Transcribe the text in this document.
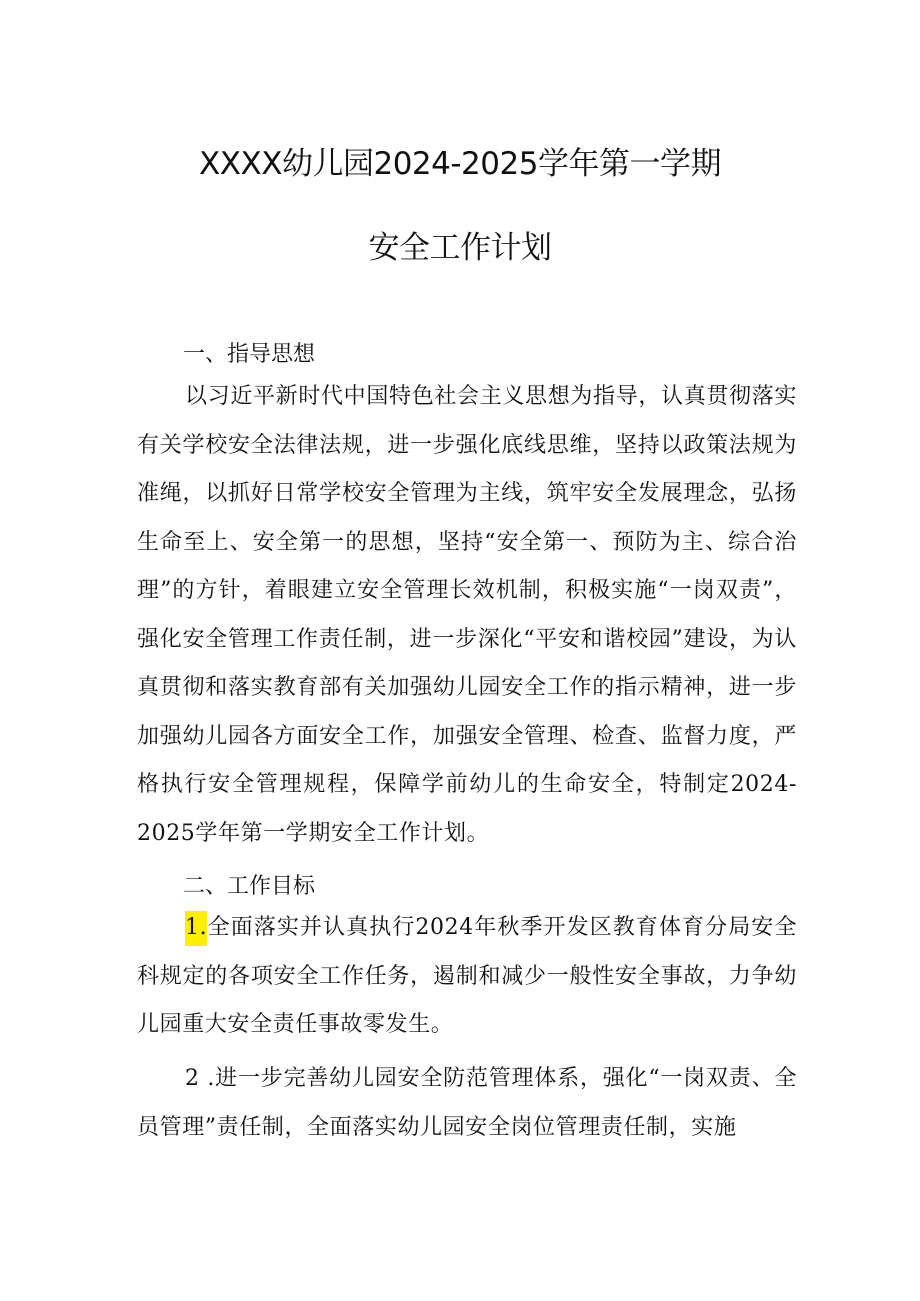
XXXX幼儿园2024-2025学年第一学期
安全工作计划
一、指导思想

以习近平新时代中国特色社会主义思想为指导，认真贯彻落实有关学校安全法律法规，进一步强化底线思维，坚持以政策法规为准绳，以抓好日常学校安全管理为主线，筑牢安全发展理念，弘扬生命至上、安全第一的思想，坚持“安全第一、预防为主、综合治理”的方针，着眼建立安全管理长效机制，积极实施“一岗双责”，强化安全管理工作责任制，进一步深化“平安和谐校园”建设，为认真贯彻和落实教育部有关加强幼儿园安全工作的指示精神，进一步加强幼儿园各方面安全工作，加强安全管理、检查、监督力度，严格执行安全管理规程，保障学前幼儿的生命安全，特制定2024-2025学年第一学期安全工作计划。

二、工作目标

1.全面落实并认真执行2024年秋季开发区教育体育分局安全科规定的各项安全工作任务，遏制和减少一般性安全事故，力争幼儿园重大安全责任事故零发生。

2 .进一步完善幼儿园安全防范管理体系，强化“一岗双责、全员管理”责任制，全面落实幼儿园安全岗位管理责任制，实施
